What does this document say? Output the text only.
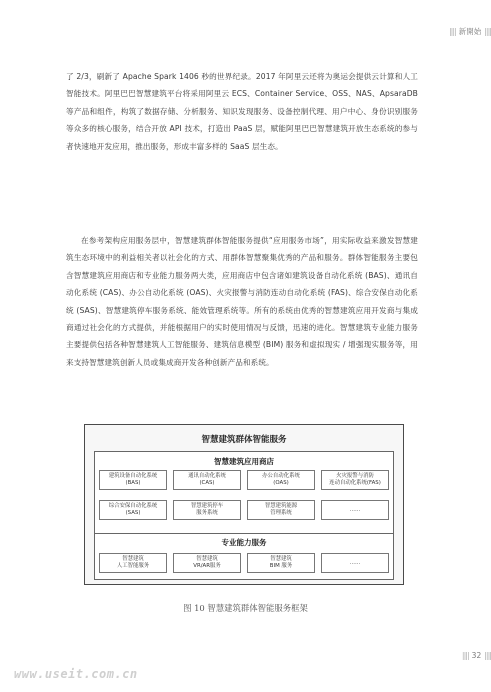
|||| 新開始 ||||

了 2/3，刷新了 Apache Spark 1406 秒的世界纪录。2017 年阿里云还将为奥运会提供云计算和人工智能技术。阿里巴巴智慧建筑平台将采用阿里云 ECS、Container Service、OSS、NAS、ApsaraDB 等产品和组件，构筑了数据存储、分析服务、知识发现服务、设备控制代理、用户中心、身份识别服务等众多的核心服务，结合开放 API 技术，打造出 PaaS 层，赋能阿里巴巴智慧建筑开放生态系统的参与者快速地开发应用，推出服务，形成丰富多样的 SaaS 层生态。

在参考架构应用服务层中，智慧建筑群体智能服务提供“应用服务市场”，用实际收益来激发智慧建筑生态环境中的利益相关者以社会化的方式、用群体智慧聚集优秀的产品和服务。群体智能服务主要包含智慧建筑应用商店和专业能力服务两大类，应用商店中包含诸如建筑设备自动化系统 (BAS)、通讯自动化系统 (CAS)、办公自动化系统 (OAS)、火灾报警与消防连动自动化系统 (FAS)、综合安保自动化系统 (SAS)、智慧建筑停车服务系统、能效管理系统等。所有的系统由优秀的智慧建筑应用开发商与集成商通过社会化的方式提供，并能根据用户的实时使用情况与反馈，迅速的进化。智慧建筑专业能力服务主要提供包括各种智慧建筑人工智能服务、建筑信息模型 (BIM) 服务和虚拟现实 / 增强现实服务等，用来支持智慧建筑创新人员或集成商开发各种创新产品和系统。

智慧建筑群体智能服务
智慧建筑应用商店
建筑设备自动化系统
(BAS)
通讯自动化系统
(CAS)
办公自动化系统
(OAS)
火灾报警与消防
连动自动化系统(FAS)
综合安保自动化系统
(SAS)
智慧建筑停车
服务系统
智慧建筑能源
管理系统
……
专业能力服务
智慧建筑
人工智能服务
智慧建筑
VR/AR服务
智慧建筑
BIM 服务
……
图 10 智慧建筑群体智能服务框架
|||| 32 ||||
www.useit.com.cn
